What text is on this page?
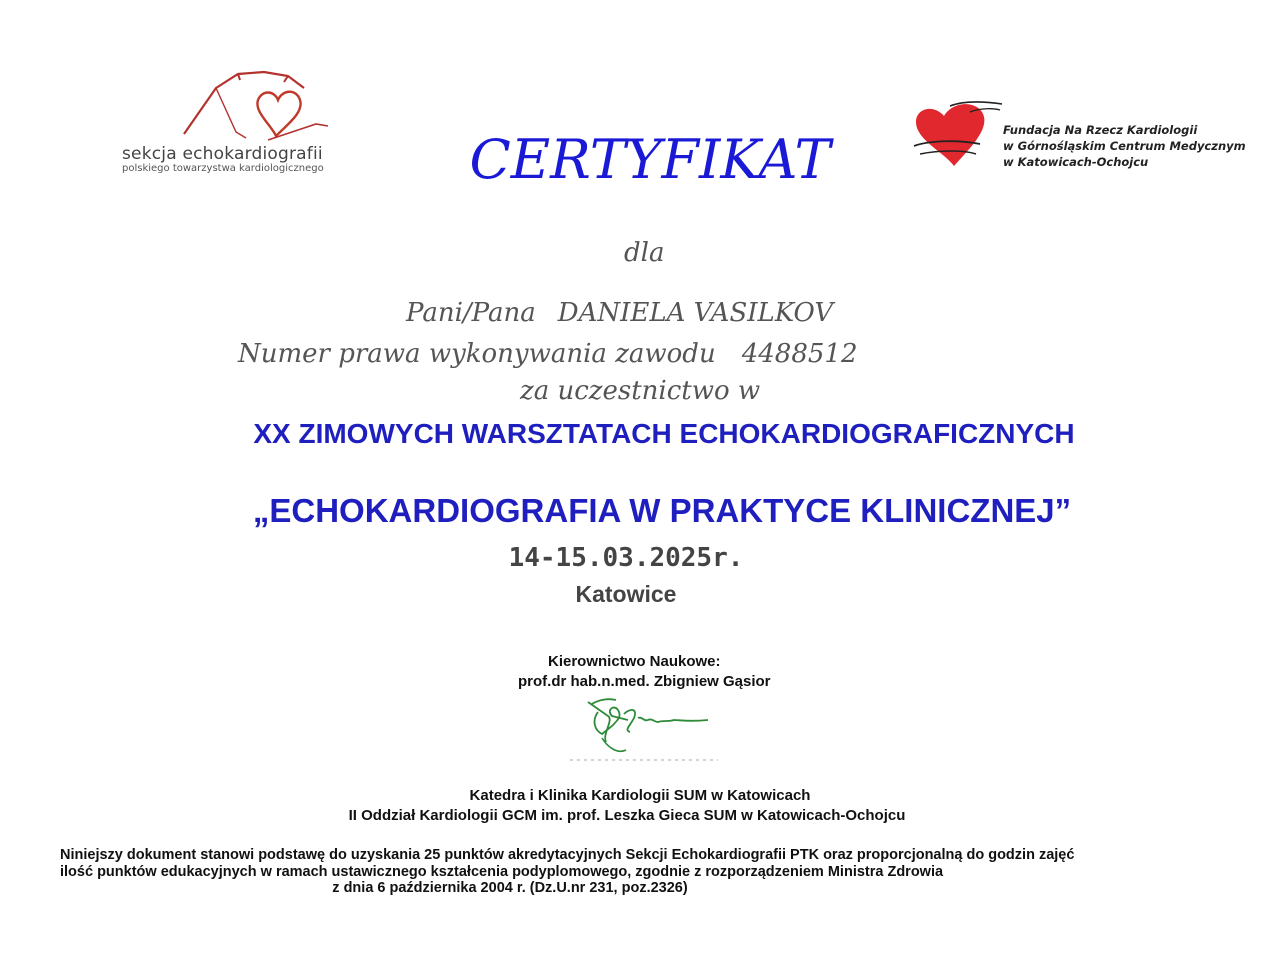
sekcja echokardiografii
polskiego towarzystwa kardiologicznego
Fundacja Na Rzecz Kardiologii
w Górnośląskim Centrum Medycznym
w Katowicach-Ochojcu
CERTYFIKAT
dla
Pani/Pana DANIELA VASILKOV
Numer prawa wykonywania zawodu 4488512
za uczestnictwo w
XX ZIMOWYCH WARSZTATACH ECHOKARDIOGRAFICZNYCH
„ECHOKARDIOGRAFIA W PRAKTYCE KLINICZNEJ”
14-15.03.2025r.
Katowice
Kierownictwo Naukowe:
prof.dr hab.n.med. Zbigniew Gąsior
Katedra i Klinika Kardiologii SUM w Katowicach
II Oddział Kardiologii GCM im. prof. Leszka Gieca SUM w Katowicach-Ochojcu
Niniejszy dokument stanowi podstawę do uzyskania 25 punktów akredytacyjnych Sekcji Echokardiografii PTK oraz proporcjonalną do godzin zajęć
ilość punktów edukacyjnych w ramach ustawicznego kształcenia podyplomowego, zgodnie z rozporządzeniem Ministra Zdrowia
z dnia 6 października 2004 r. (Dz.U.nr 231, poz.2326)
